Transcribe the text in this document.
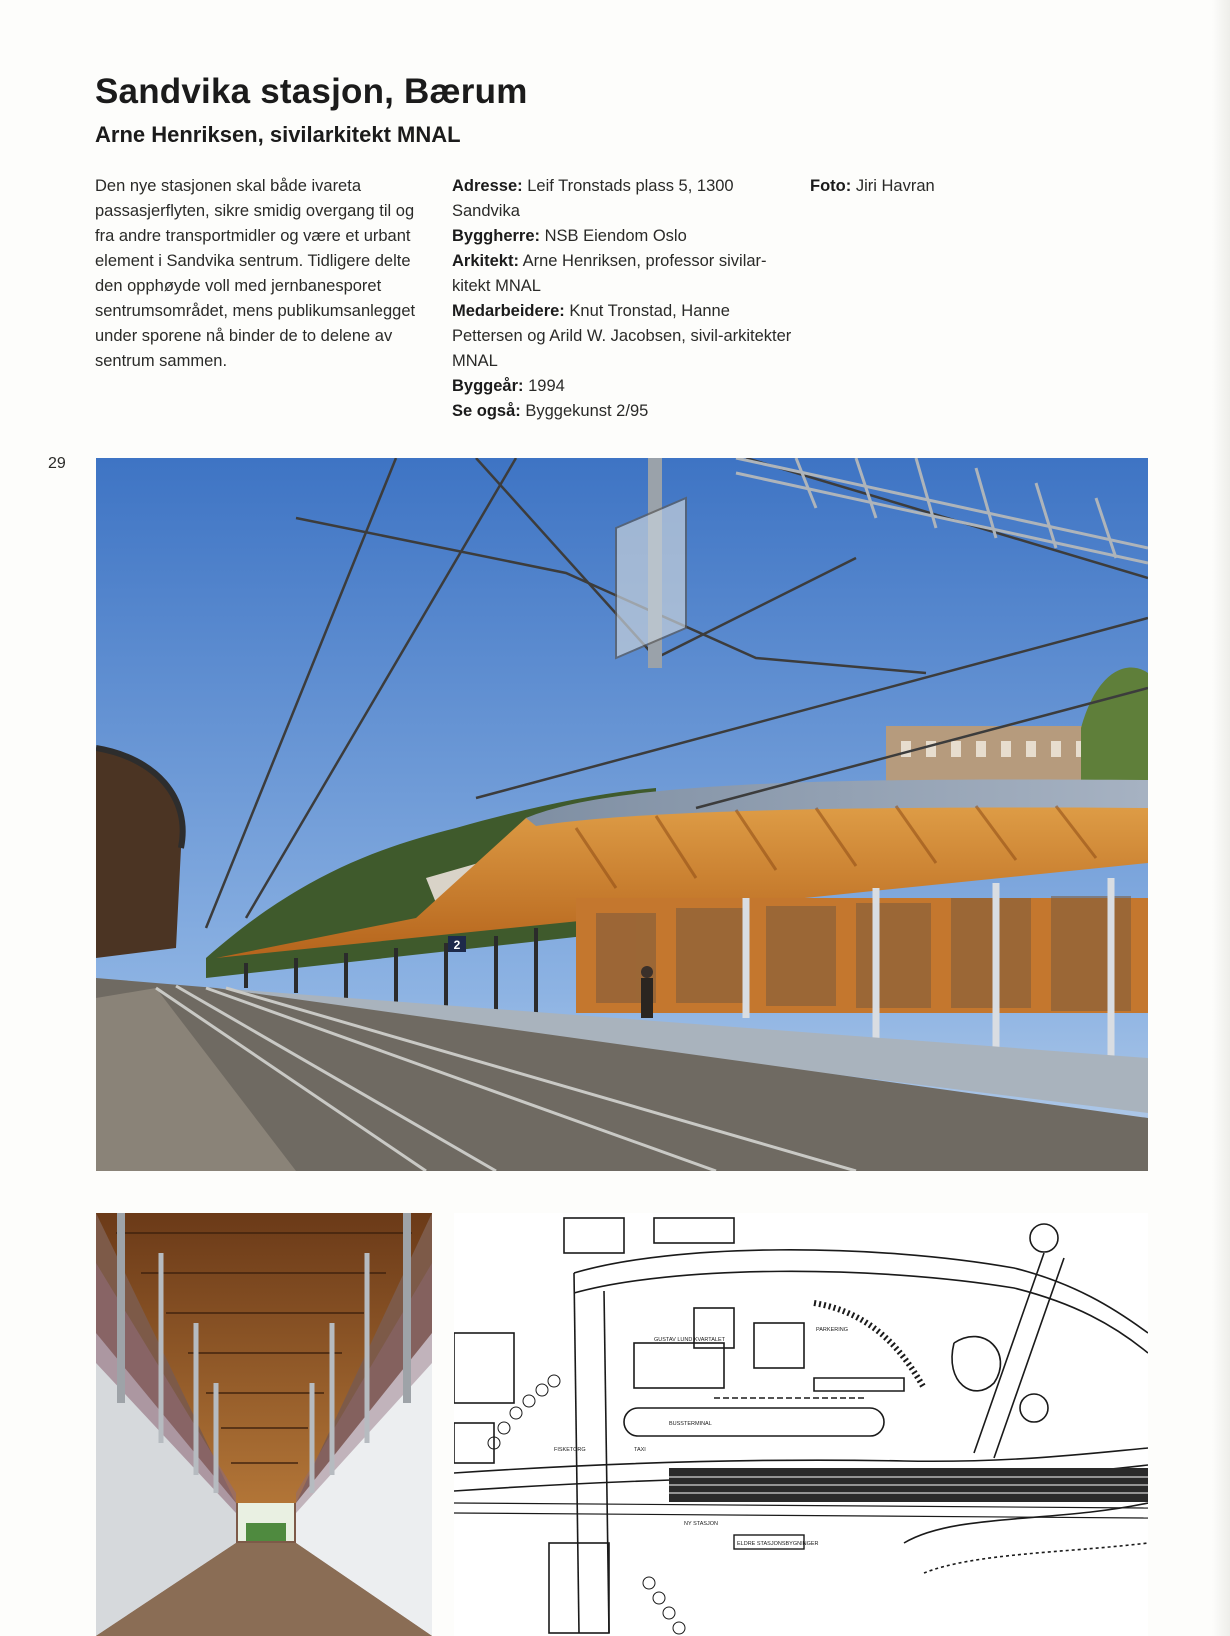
Sandvika stasjon, Bærum
Arne Henriksen, sivilarkitekt MNAL

Den nye stasjonen skal både ivareta passasjerflyten, sikre smidig overgang til og fra andre transportmidler og være et urbant element i Sandvika sentrum. Tidligere delte den opphøyde voll med jernbanesporet sentrumsområdet, mens publikumsanlegget under sporene nå binder de to delene av sentrum sammen.

Adresse: Leif Tronstads plass 5, 1300 Sandvika
Byggherre: NSB Eiendom Oslo
Arkitekt: Arne Henriksen, professor sivilar-kitekt MNAL
Medarbeidere: Knut Tronstad, Hanne Pettersen og Arild W. Jacobsen, sivil-arkitekter MNAL
Byggeår: 1994
Se også: Byggekunst 2/95

Foto: Jiri Havran

29
2
GUSTAV LUND KVARTALET
PARKERING
BUSSTERMINAL
TAXI
NY STASJON
FISKETORG
ELDRE STASJONSBYGNINGER
